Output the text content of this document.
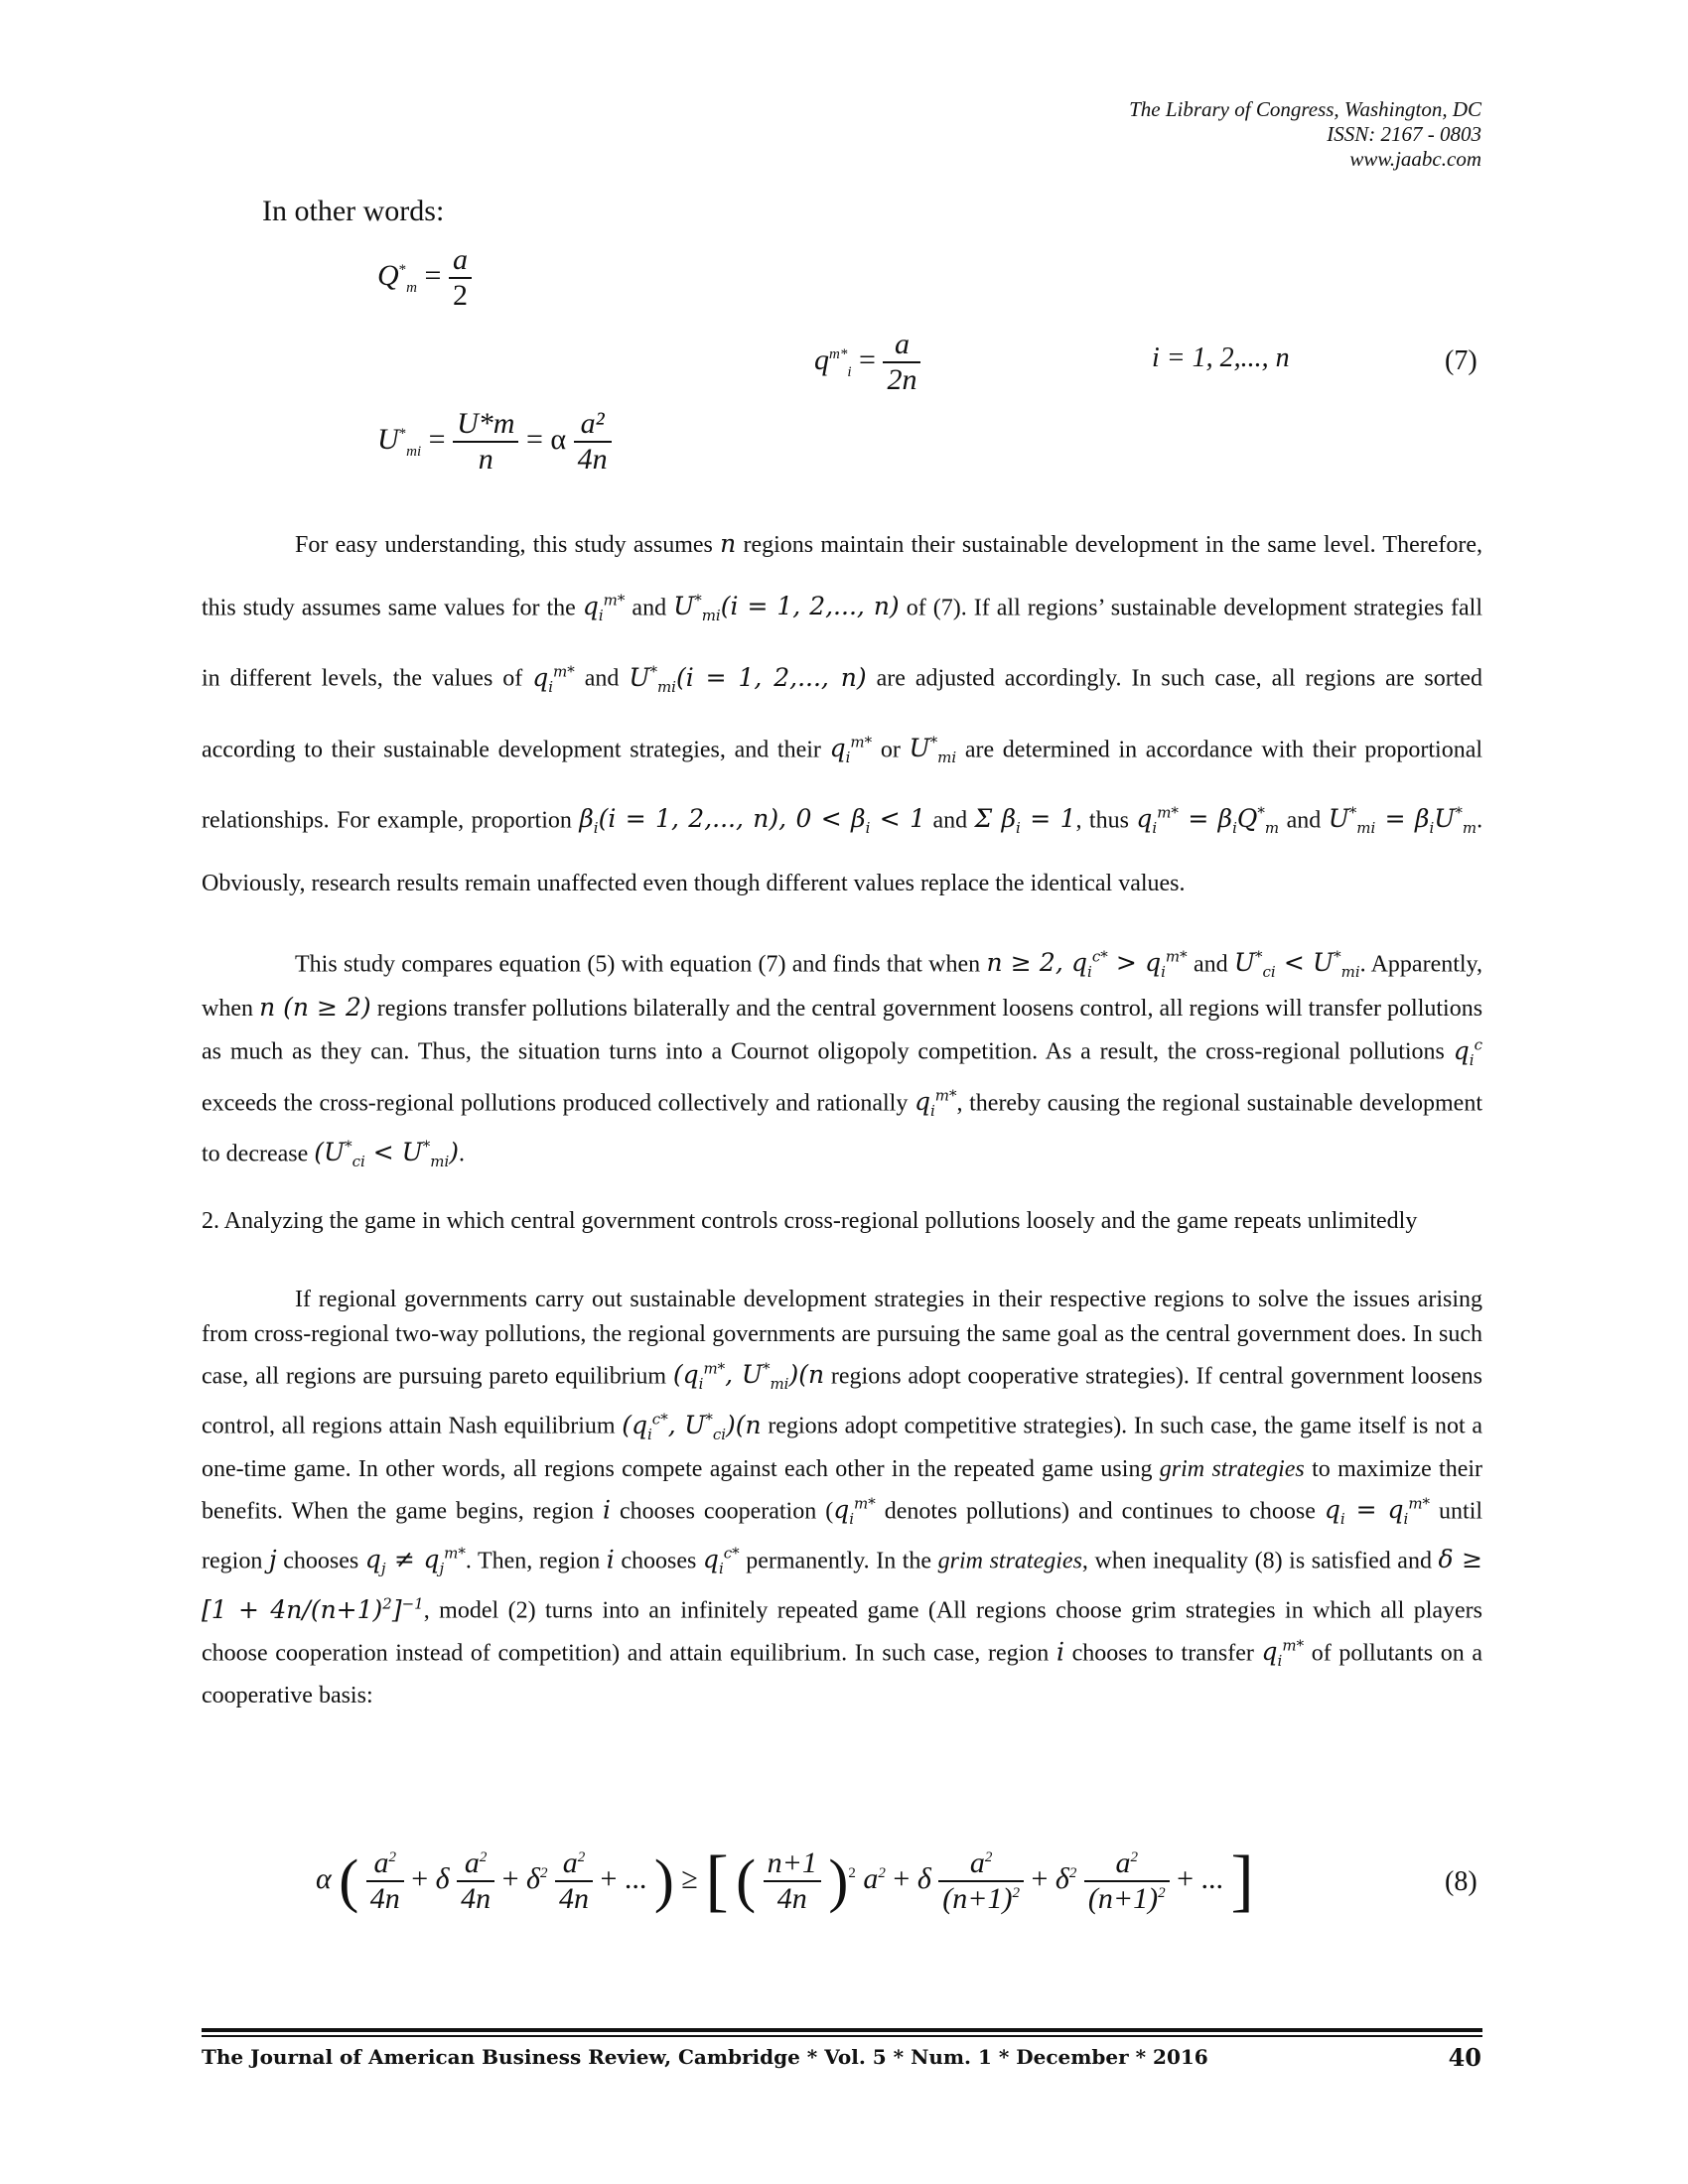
The Library of Congress, Washington, DC
ISSN: 2167 - 0803
www.jaabc.com
In other words:
$Q^*_m = \frac{a}{2}$
$q^{m*}_i = \frac{a}{2n}$	i = 1, 2,..., n	(7)
$U^*_{mi} = \frac{U*m}{n} = \alpha \frac{\text{a²}}{4n}$
For easy understanding, this study assumes n regions maintain their sustainable development in the same level. Therefore, this study assumes same values for the $q_i^{m*}$ and $U^*_{mi}(i = 1$, 2,..., n) of (7). If all regions’ sustainable development strategies fall in different levels, the values of $q_i^{m*}$ and $U^*_{mi}(i = 1$, 2,..., n) are adjusted accordingly. In such case, all regions are sorted according to their sustainable development strategies, and their $q_i^{m*}$ or $U^*_{mi}$ are determined in accordance with their proportional relationships. For example, proportion $\beta_i(i = 1$, 2,..., n), $0 < \beta_i < 1$ and Σ $\beta_i = 1$, thus $q_i^{m*} = \beta_iQ^*_m$ and $U^*_{mi} = \beta_iU^*_m$. Obviously, research results remain unaffected even though different values replace the identical values.
This study compares equation (5) with equation (7) and finds that when n ≥ 2, $q_i^{c*} > q_i^{m*}$ and $U^*_{ci} < U^*_{mi}$. Apparently, when n (n ≥ 2) regions transfer pollutions bilaterally and the central government loosens control, all regions will transfer pollutions as much as they can. Thus, the situation turns into a Cournot oligopoly competition. As a result, the cross-regional pollutions $q_i^c$ exceeds the cross-regional pollutions produced collectively and rationally $q_i^{m*}$, thereby causing the regional sustainable development to decrease $(U^*_{ci} < U^*_{mi})$.
2. Analyzing the game in which central government controls cross-regional pollutions loosely and the game repeats unlimitedly
If regional governments carry out sustainable development strategies in their respective regions to solve the issues arising from cross-regional two-way pollutions, the regional governments are pursuing the same goal as the central government does. In such case, all regions are pursuing pareto equilibrium ($q_i^{m*}$, $U^*_{mi})(n$ regions adopt cooperative strategies). If central government loosens control, all regions attain Nash equilibrium ($q_i^{c*}$, $U^*_{ci})(n$ regions adopt competitive strategies). In such case, the game itself is not a one-time game. In other words, all regions compete against each other in the repeated game using grim strategies to maximize their benefits. When the game begins, region i chooses cooperation ($q_i^{m*}$ denotes pollutions) and continues to choose $q_i = q_i^{m*}$ until region j chooses $q_j \ne q_j^{m*}$. Then, region i chooses $q_i^{c*}$ permanently. In the grim strategies, when inequality (8) is satisfied and $\delta \ge [1 + 4n/(n+1)^2]^{-1}$, model (2) turns into an infinitely repeated game (All regions choose grim strategies in which all players choose cooperation instead of competition) and attain equilibrium. In such case, region i chooses to transfer $q_i^{m*}$ of pollutants on a cooperative basis:
α ( $\frac{a^2}{4n} + \delta \frac{a^2}{4n} + \delta^2 \frac{a^2}{4n}$ + ... ) ≥ [ ( $\frac{n+1}{4n} )^2$ $a^2 + \delta \frac{a^2}{(n+1)^2} + \delta^2 \frac{a^2}{(n+1)^2}$ + ... ]	(8)
The Journal of American Business Review, Cambridge * Vol. 5 * Num. 1 * December * 2016	40
